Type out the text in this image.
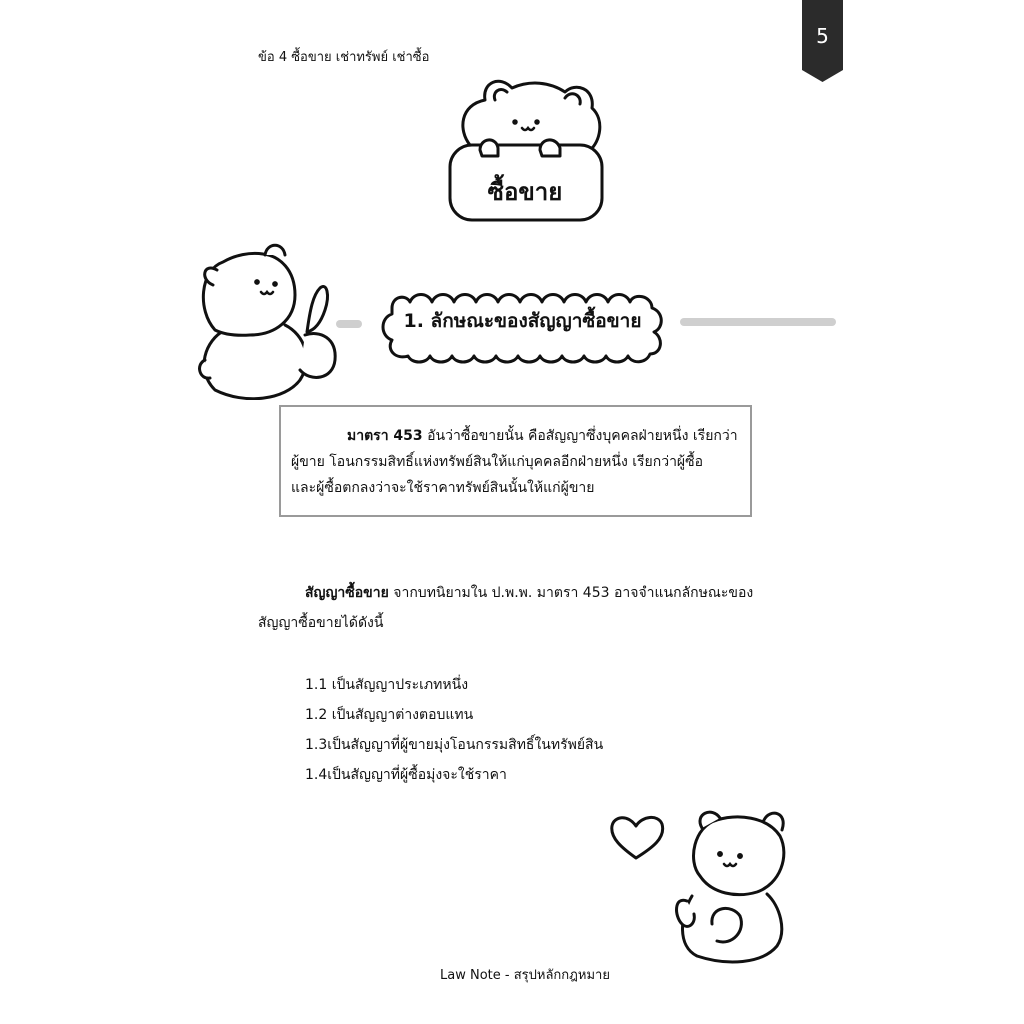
5
ข้อ 4 ซื้อขาย เช่าทรัพย์ เช่าซื้อ
ซื้อขาย
1. ลักษณะของสัญญาซื้อขาย
มาตรา 453 อันว่าซื้อขายนั้น คือสัญญาซึ่งบุคคลฝ่ายหนึ่ง เรียกว่า
ผู้ขาย โอนกรรมสิทธิ์แห่งทรัพย์สินให้แก่บุคคลอีกฝ่ายหนึ่ง เรียกว่าผู้ซื้อ
และผู้ซื้อตกลงว่าจะใช้ราคาทรัพย์สินนั้นให้แก่ผู้ขาย
สัญญาซื้อขาย จากบทนิยามใน ป.พ.พ. มาตรา 453 อาจจำแนกลักษณะของ
สัญญาซื้อขายได้ดังนี้
1.1 เป็นสัญญาประเภทหนึ่ง
1.2 เป็นสัญญาต่างตอบแทน
1.3เป็นสัญญาที่ผู้ขายมุ่งโอนกรรมสิทธิ์ในทรัพย์สิน
1.4เป็นสัญญาที่ผู้ซื้อมุ่งจะใช้ราคา
Law Note - สรุปหลักกฎหมาย
